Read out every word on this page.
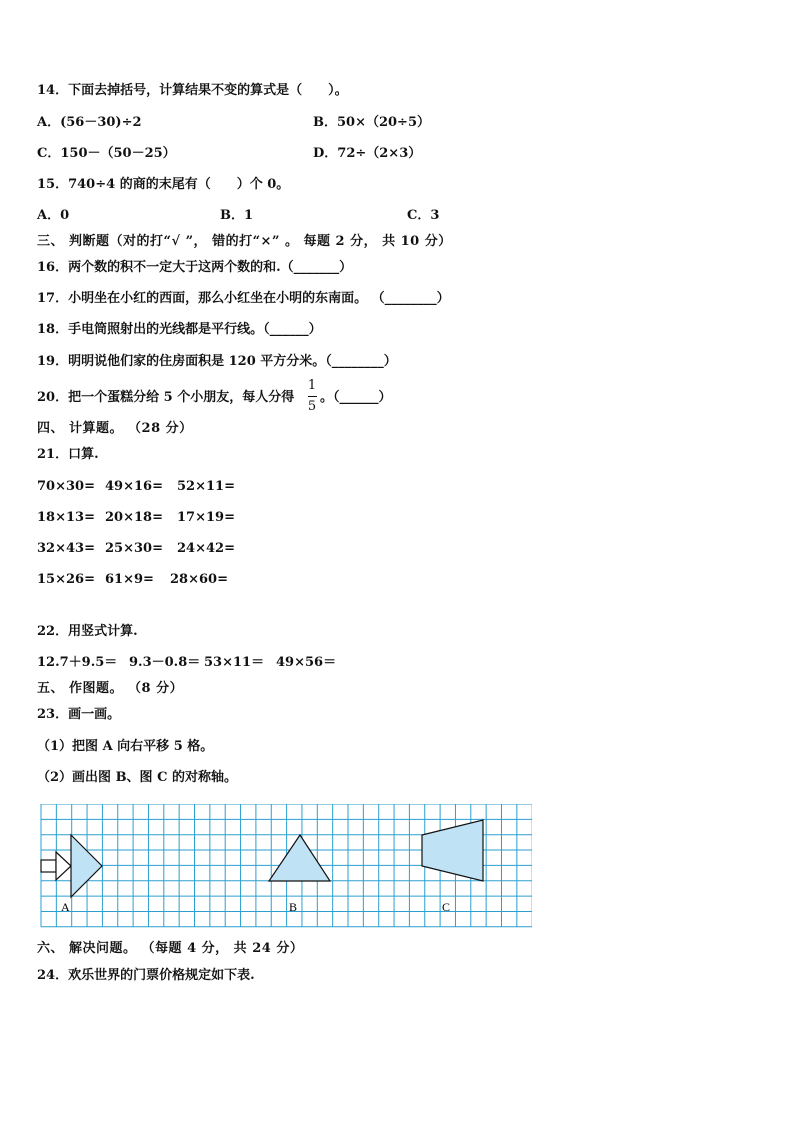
14．下面去掉括号，计算结果不变的算式是（　　）。
A．(56－30)÷2	B．50×（20÷5）
C．150－（50－25）	D．72÷（2×3）
15．740÷4 的商的末尾有（　　）个 0。
A．0	B．1	C．3
三、 判断题（对的打“√ ”， 错的打“×” 。 每题 2 分， 共 10 分）
16．两个数的积不一定大于这两个数的和.（_______）
17．小明坐在小红的西面，那么小红坐在小明的东南面。 （________）
18．手电筒照射出的光线都是平行线。（______）
19．明明说他们家的住房面积是 120 平方分米。（________）
20．把一个蛋糕分给 5 个小朋友，每人分得
1
5
。（______）
四、 计算题。 （28 分）
21．口算.
70×30= 49×16= 52×11=
18×13= 20×18= 17×19=
32×43= 25×30= 24×42=
15×26= 61×9= 28×60=
22．用竖式计算.
12.7＋9.5＝ 9.3－0.8＝ 53×11＝ 49×56＝
五、 作图题。 （8 分）
23．画一画。
（1）把图 A 向右平移 5 格。
（2）画出图 B、图 C 的对称轴。
A	B	C
六、 解决问题。 （每题 4 分， 共 24 分）
24．欢乐世界的门票价格规定如下表.
